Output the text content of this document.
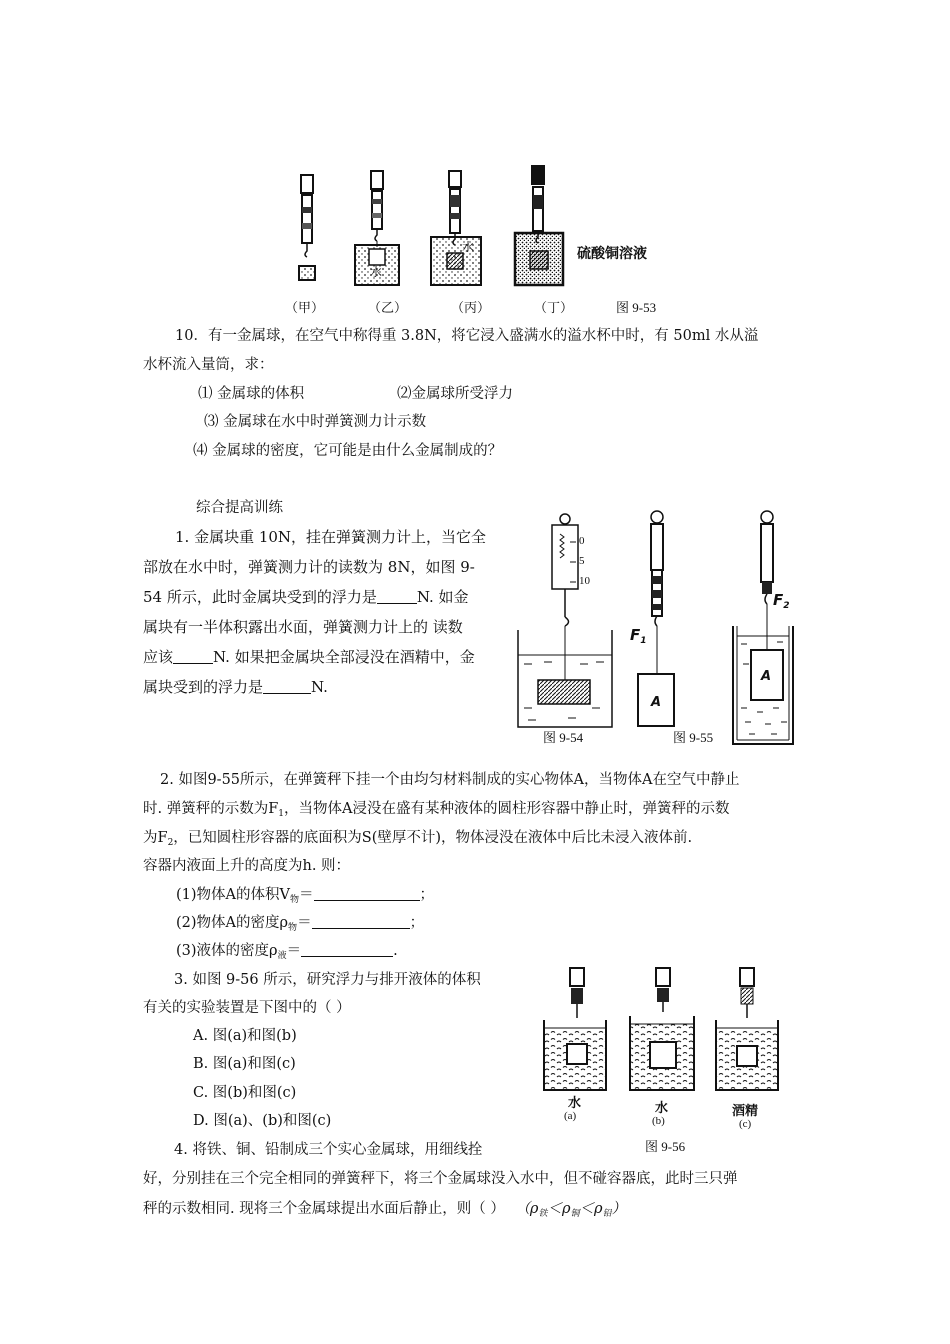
水
水	硫酸铜溶液
（甲）	（乙）	（丙）	（丁）	图 9-53
10．有一金属球，在空气中称得重 3.8N，将它浸入盛满水的溢水杯中时，有 50ml 水从溢
水杯流入量筒，求：
⑴ 金属球的体积	⑵金属球所受浮力
⑶ 金属球在水中时弹簧测力计示数
⑷ 金属球的密度，它可能是由什么金属制成的？
综合提高训练
1. 金属块重 10N，挂在弹簧测力计上，当它全
部放在水中时，弹簧测力计的读数为 8N，如图 9-
54 所示，此时金属块受到的浮力是	N. 如金
属块有一半体积露出水面，弹簧测力计上的 读数
应该	N. 如果把金属块全部浸没在酒精中，金
属块受到的浮力是	N.
0
5
10
图 9-54
A
A
$F_1$
$F_2$
图 9-55
2. 如图9-55所示，在弹簧秤下挂一个由均匀材料制成的实心物体A，当物体A在空气中静止
时. 弹簧秤的示数为$F_1$，当物体A浸没在盛有某种液体的圆柱形容器中静止时，弹簧秤的示数
为$F_2$，已知圆柱形容器的底面积为S(壁厚不计)，物体浸没在液体中后比未浸入液体前.
容器内液面上升的高度为h. 则：
(1)物体A的体积$V_物=$	；
(2)物体A的密度$\rho_物=$	；
(3)液体的密度$\rho_液=$	.
3. 如图 9-56 所示，研究浮力与排开液体的体积
有关的实验装置是下图中的（ ）
A. 图(a)和图(b)
B. 图(a)和图(c)
C. 图(b)和图(c)
D. 图(a)、(b)和图(c)
水
(a)	水
(b)
酒精
(c)
图 9-56
4. 将铁、铜、铅制成三个实心金属球，用细线拴
好，分别挂在三个完全相同的弹簧秤下，将三个金属球没入水中，但不碰容器底，此时三只弹
秤的示数相同. 现将三个金属球提出水面后静止，则（ ） $(\rho_铁<\rho_铜<\rho_铅)$
